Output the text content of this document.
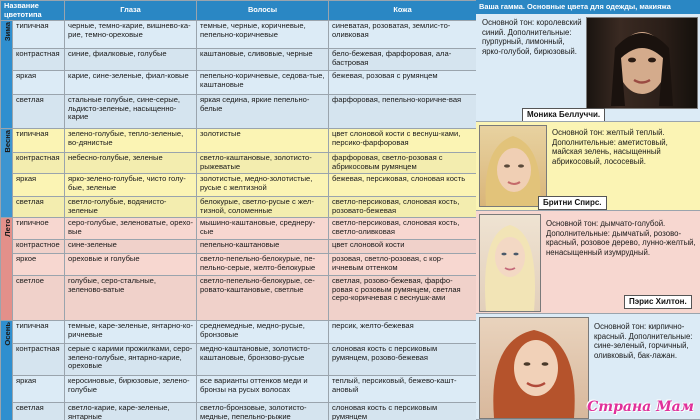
Название цветотипа		Глаза	Волосы	Кожа
Зима	типичная	черные, темно-карие, вишнево-ка-рие, темно-ореховые	темные, черные, коричневые, пепельно-коричневые	синеватая, розоватая, землис-то-оливковая
	контрастная	синие, фиалковые, голубые	каштановые, сливовые, черные	бело-бежевая, фарфоровая, ала-бастровая
	яркая	карие, сине-зеленые, фиал-ковые	пепельно-коричневые, седова-тые, каштановые	бежевая, розовая с румянцем
	светлая	стальные голубые, сине-серые, льдисто-зеленые, насыщенно-карие	яркая седина, яркие пепельно-белые	фарфоровая, пепельно-коричне-вая
Весна	типичная	зелено-голубые, тепло-зеленые, во-дянистые	золотистые	цвет слоновой кости с веснуш-ками, персико-фарфоровая
	контрастная	небесно-голубые, зеленые	светло-каштановые, золотисто-рыжеватые	фарфоровая, светло-розовая с абрикосовым румянцем
	яркая	ярко-зелено-голубые, чисто голу-бые, зеленые	золотистые, медно-золотистые, русые с желтизной	бежевая, персиковая, слоновая кость
	светлая	светло-голубые, водянисто-зеленые	белокурые, светло-русые с жел-тизной, соломенные	светло-персиковая, слоновая кость, розовато-бежевая
Лето	типичное	серо-голубые, зеленоватые, орехо-вые	мышино-каштановые, среднеру-сые	светло-персиковая, слоновая кость, светло-оливковая
	контрастное	сине-зеленые	пепельно-каштановые	цвет слоновой кости
	яркое	ореховые и голубые	светло-пепельно-белокурые, пе-пельно-серые, желто-белокурые	розовая, светло-розовая, с кор-ичневым оттенком
	светлое	голубые, серо-стальные, зеленово-ватые	светло-пепельно-белокурые, се-ровато-каштановые, светлые	светлая, розово-бежевая, фарфо-ровая с розовым румянцем, светлая серо-коричневая с веснушк-ами
Осень	типичная	темные, каре-зеленые, янтарно-ко-ричневые	среднемедные, медно-русые, бронзовые	персик, желто-бежевая
	контрастная	серые с карими прожилками, серо-зелено-голубые, янтарно-карие, ореховые	медно-каштановые, золотисто-каштановые, бронзово-русые	слоновая кость с персиковым румянцем, розово-бежевая
	яркая	керосиновые, бирюзовые, зелено-голубые	все варианты оттенков меди и бронзы на русых волосах	теплый, персиковый, бежево-кашт-ановый
	светлая	светло-карие, каре-зеленые, янтарные	светло-бронзовые, золотисто-медные, пепельно-рыжие	слоновая кость с персиковым румянцем
Ваша гамма. Основные цвета для одежды, макияжа
Основной тон: королевский синий. Дополнительные: пурпурный, лимонный, ярко-голубой, бирюзовый.
Моника Беллуччи.
Основной тон: желтый теплый. Дополнительные: аметистовый, майская зелень, насыщенный абрикосовый, лососевый.
Бритни Спирс.
Основной тон: дымчато-голубой. Дополнительные: дымчатый, розово-красный, розовое дерево, лунно-желтый, ненасыщенный изумрудный.
Пэрис Хилтон.
Основной тон: кирпично-красный. Дополнительные: сине-зеленый, горчичный, оливковый, бак-лажан.
Страна Мам
